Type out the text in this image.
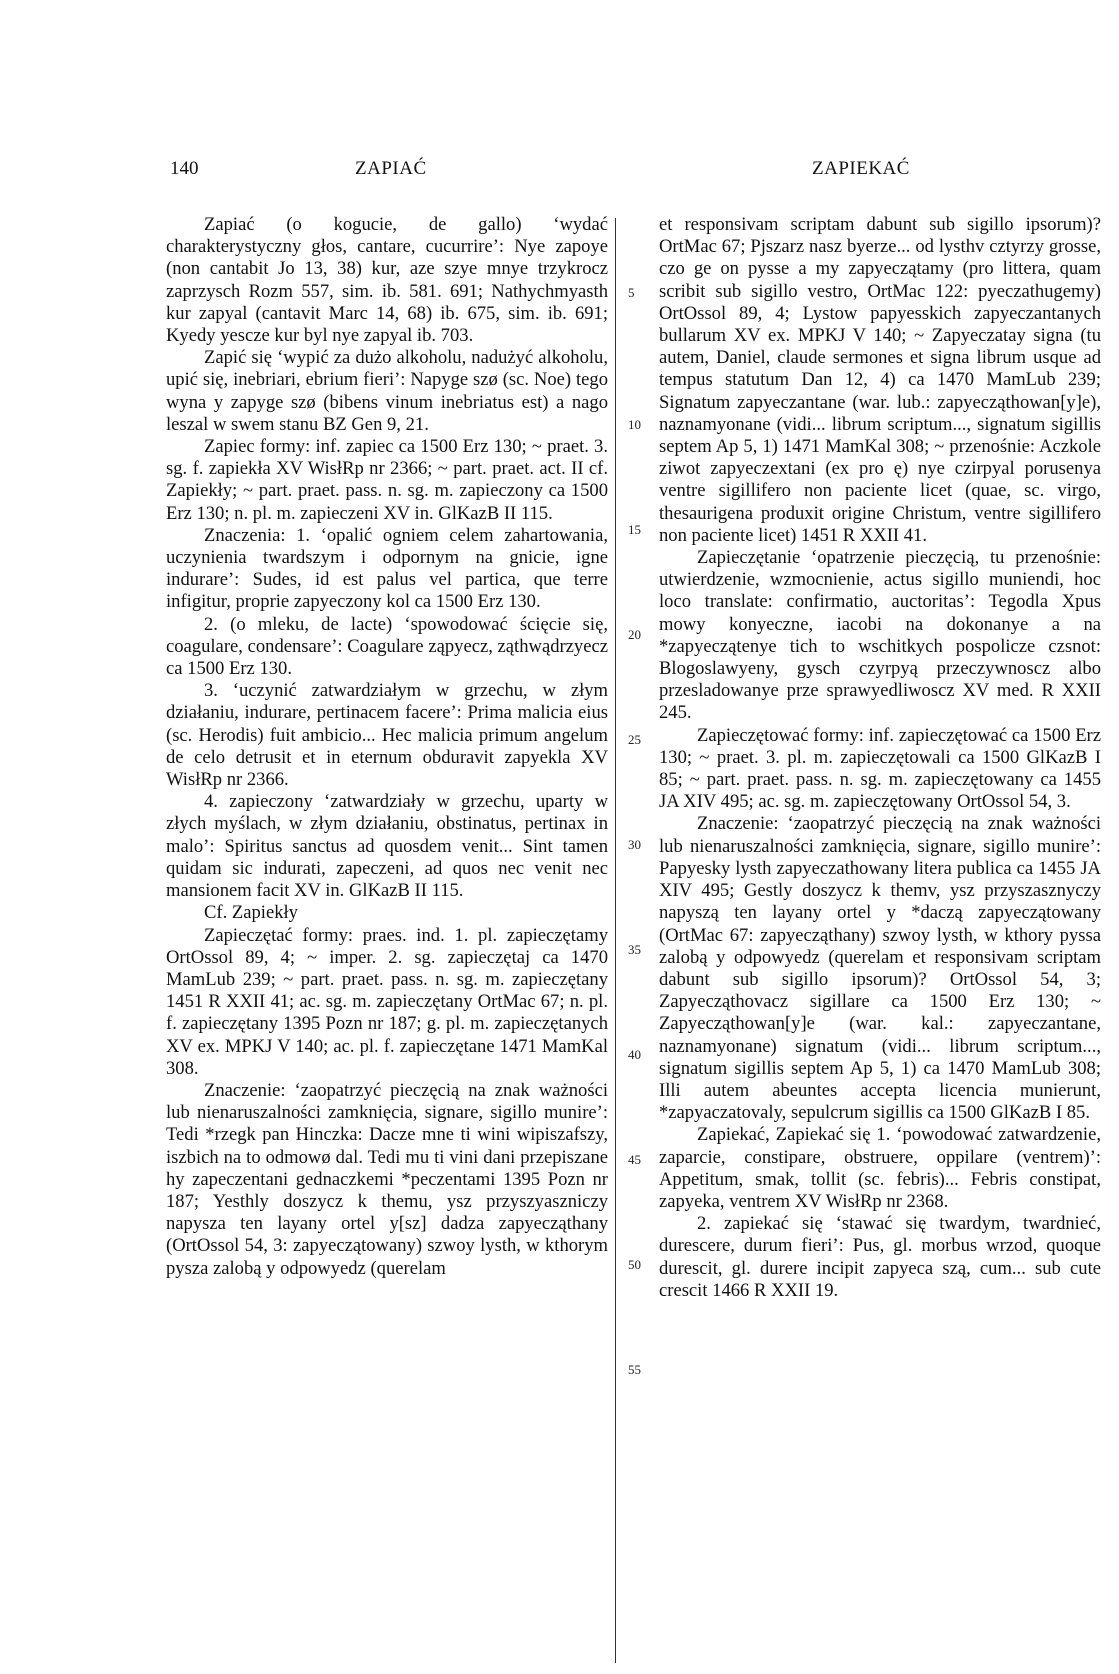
140	ZAPIAĆ	ZAPIEKAĆ

Zapiać (o kogucie, de gallo) ʻwydać charakterystyczny głos, cantare, cucurrireʼ: Nye zapoye (non cantabit Jo 13, 38) kur, aze szye mnye trzykrocz zaprzysch Rozm 557, sim. ib. 581. 691; Nathychmyasth kur zapyal (cantavit Marc 14, 68) ib. 675, sim. ib. 691; Kyedy yescze kur byl nye zapyal ib. 703.

Zapić się ʻwypić za dużo alkoholu, nadużyć alkoholu, upić się, inebriari, ebrium fieriʼ: Napyge szø (sc. Noe) tego wyna y zapyge szø (bibens vinum inebriatus est) a nago leszal w swem stanu BZ Gen 9, 21.

Zapiec formy: inf. zapiec ca 1500 Erz 130; ~ praet. 3. sg. f. zapiekła XV WisłRp nr 2366; ~ part. praet. act. II cf. Zapiekły; ~ part. praet. pass. n. sg. m. zapieczony ca 1500 Erz 130; n. pl. m. zapieczeni XV in. GlKazB II 115.

Znaczenia: 1. ʻopalić ogniem celem zahartowania, uczynienia twardszym i odpornym na gnicie, igne indurareʼ: Sudes, id est palus vel partica, que terre infigitur, proprie zapyeczony kol ca 1500 Erz 130.

2. (o mleku, de lacte) ʻspowodować ścięcie się, coagulare, condensareʼ: Coagulare ząpyecz, ząthwądrzyecz ca 1500 Erz 130.

3. ʻuczynić zatwardziałym w grzechu, w złym działaniu, indurare, pertinacem facereʼ: Prima malicia eius (sc. Herodis) fuit ambicio... Hec malicia primum angelum de celo detrusit et in eternum obduravit zapyekla XV WisłRp nr 2366.

4. zapieczony ʻzatwardziały w grzechu, uparty w złych myślach, w złym działaniu, obstinatus, pertinax in maloʼ: Spiritus sanctus ad quosdem venit... Sint tamen quidam sic indurati, zapeczeni, ad quos nec venit nec mansionem facit XV in. GlKazB II 115.

Cf. Zapiekły

Zapieczętać formy: praes. ind. 1. pl. zapieczętamy OrtOssol 89, 4; ~ imper. 2. sg. zapieczętaj ca 1470 MamLub 239; ~ part. praet. pass. n. sg. m. zapieczętany 1451 R XXII 41; ac. sg. m. zapieczętany OrtMac 67; n. pl. f. zapieczętany 1395 Pozn nr 187; g. pl. m. zapieczętanych XV ex. MPKJ V 140; ac. pl. f. zapieczętane 1471 MamKal 308.

Znaczenie: ʻzaopatrzyć pieczęcią na znak ważności lub nienaruszalności zamknięcia, signare, sigillo munireʼ: Tedi *rzegk pan Hinczka: Dacze mne ti wini wipiszafszy, iszbich na to odmowø dal. Tedi mu ti vini dani przepiszane hy zapeczentani gednaczkemi *peczentami 1395 Pozn nr 187; Yesthly doszycz k themu, ysz przyszyaszniczy napysza ten layany ortel y[sz] dadza zapyecząthany (OrtOssol 54, 3: zapyeczątowany) szwoy lysth, w kthorym pysza zalobą y odpowyedz (querelam

et responsivam scriptam dabunt sub sigillo ipsorum)? OrtMac 67; Pjszarz nasz byerze... od lysthv cztyrzy grosse, czo ge on pysse a my zapyeczątamy (pro littera, quam scribit sub sigillo vestro, OrtMac 122: pyeczathugemy) OrtOssol 89, 4; Lystow papyesskich zapyeczantanych bullarum XV ex. MPKJ V 140; ~ Zapyeczatay signa (tu autem, Daniel, claude sermones et signa librum usque ad tempus statutum Dan 12, 4) ca 1470 MamLub 239; Signatum zapyeczantane (war. lub.: zapyecząthowan[y]e), naznamyonane (vidi... librum scriptum..., signatum sigillis septem Ap 5, 1) 1471 MamKal 308; ~ przenośnie: Aczkole ziwot zapyeczextani (ex pro ę) nye czirpyal porusenya ventre sigillifero non paciente licet (quae, sc. virgo, thesaurigena produxit origine Christum, ventre sigillifero non paciente licet) 1451 R XXII 41.

Zapieczętanie ʻopatrzenie pieczęcią, tu przenośnie: utwierdzenie, wzmocnienie, actus sigillo muniendi, hoc loco translate: confirmatio, auctoritasʼ: Tegodla Xpus mowy konyeczne, iacobi na dokonanye a na *zapyeczątenye tich to wschitkych pospolicze czsnot: Blogoslawyeny, gysch czyrpyą przeczywnoscz albo przesladowanye prze sprawyedliwoscz XV med. R XXII 245.

Zapieczętować formy: inf. zapieczętować ca 1500 Erz 130; ~ praet. 3. pl. m. zapieczętowali ca 1500 GlKazB I 85; ~ part. praet. pass. n. sg. m. zapieczętowany ca 1455 JA XIV 495; ac. sg. m. zapieczętowany OrtOssol 54, 3.

Znaczenie: ʻzaopatrzyć pieczęcią na znak ważności lub nienaruszalności zamknięcia, signare, sigillo munireʼ: Papyesky lysth zapyeczathowany litera publica ca 1455 JA XIV 495; Gestly doszycz k themv, ysz przyszasznyczy napyszą ten layany ortel y *daczą zapyeczątowany (OrtMac 67: zapyecząthany) szwoy lysth, w kthory pyssa zalobą y odpowyedz (querelam et responsivam scriptam dabunt sub sigillo ipsorum)? OrtOssol 54, 3; Zapyecząthovacz sigillare ca 1500 Erz 130; ~ Zapyecząthowan[y]e (war. kal.: zapyeczantane, naznamyonane) signatum (vidi... librum scriptum..., signatum sigillis septem Ap 5, 1) ca 1470 MamLub 308; Illi autem abeuntes accepta licencia munierunt, *zapyaczatovaly, sepulcrum sigillis ca 1500 GlKazB I 85.

Zapiekać, Zapiekać się 1. ʻpowodować zatwardzenie, zaparcie, constipare, obstruere, oppilare (ventrem)ʼ: Appetitum, smak, tollit (sc. febris)... Febris constipat, zapyeka, ventrem XV WisłRp nr 2368.

2. zapiekać się ʻstawać się twardym, twardnieć, durescere, durum fieriʼ: Pus, gl. morbus wrzod, quoque durescit, gl. durere incipit zapyeca szą, cum... sub cute crescit 1466 R XXII 19.

5
10
15
20
25
30
35
40
45
50
55
